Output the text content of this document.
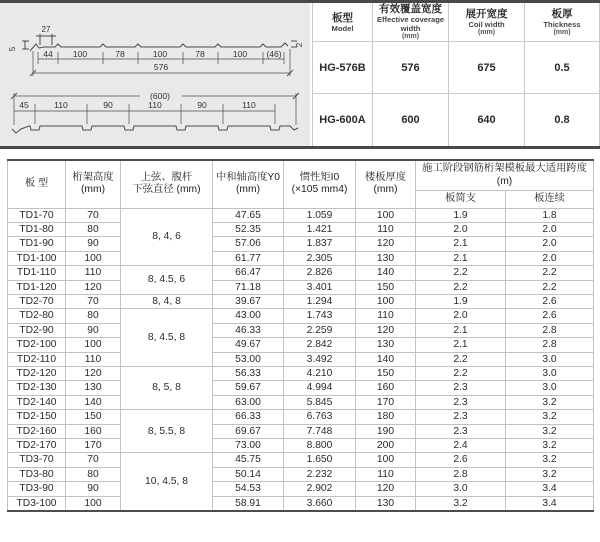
27
5
2
44 100	78	100	78	100 (46)
576
(600)
45	110	90	110	90	110
板型
Model

有效覆盖宽度
Effective coverage width
(mm)

展开宽度
Coil width
(mm)

板厚
Thickness
(mm)

HG-576B	576	675	0.5
HG-600A	600	640	0.8
板 型	
桁架高度
(mm)

上弦、腹杆
下弦直径 (mm)

中和轴高度Y0
(mm)

惯性矩I0
(×105 mm4)

楼板厚度
(mm)
	施工阶段钢筋桁架模板最大适用跨度 (m)
						板简支	板连续
TD1-70	70	8, 4, 6	47.65	1.059	100	1.9	1.8
TD1-80	80		52.35	1.421	110	2.0	2.0
TD1-90	90		57.06	1.837	120	2.1	2.0
TD1-100	100		61.77	2.305	130	2.1	2.0
TD1-110	110	8, 4.5, 6	66.47	2.826	140	2.2	2.2
TD1-120	120		71.18	3.401	150	2.2	2.2
TD2-70	70	8, 4, 8	39.67	1.294	100	1.9	2.6
TD2-80	80	8, 4.5, 8	43.00	1.743	110	2.0	2.6
TD2-90	90		46.33	2.259	120	2.1	2.8
TD2-100	100		49.67	2.842	130	2.1	2.8
TD2-110	110		53.00	3.492	140	2.2	3.0
TD2-120	120	8, 5, 8	56.33	4.210	150	2.2	3.0
TD2-130	130		59.67	4.994	160	2.3	3.0
TD2-140	140		63.00	5.845	170	2.3	3.2
TD2-150	150	8, 5.5, 8	66.33	6.763	180	2.3	3.2
TD2-160	160		69.67	7.748	190	2.3	3.2
TD2-170	170		73.00	8.800	200	2.4	3.2
TD3-70	70	10, 4.5, 8	45.75	1.650	100	2.6	3.2
TD3-80	80		50.14	2.232	110	2.8	3.2
TD3-90	90		54.53	2.902	120	3.0	3.4
TD3-100	100		58.91	3.660	130	3.2	3.4
